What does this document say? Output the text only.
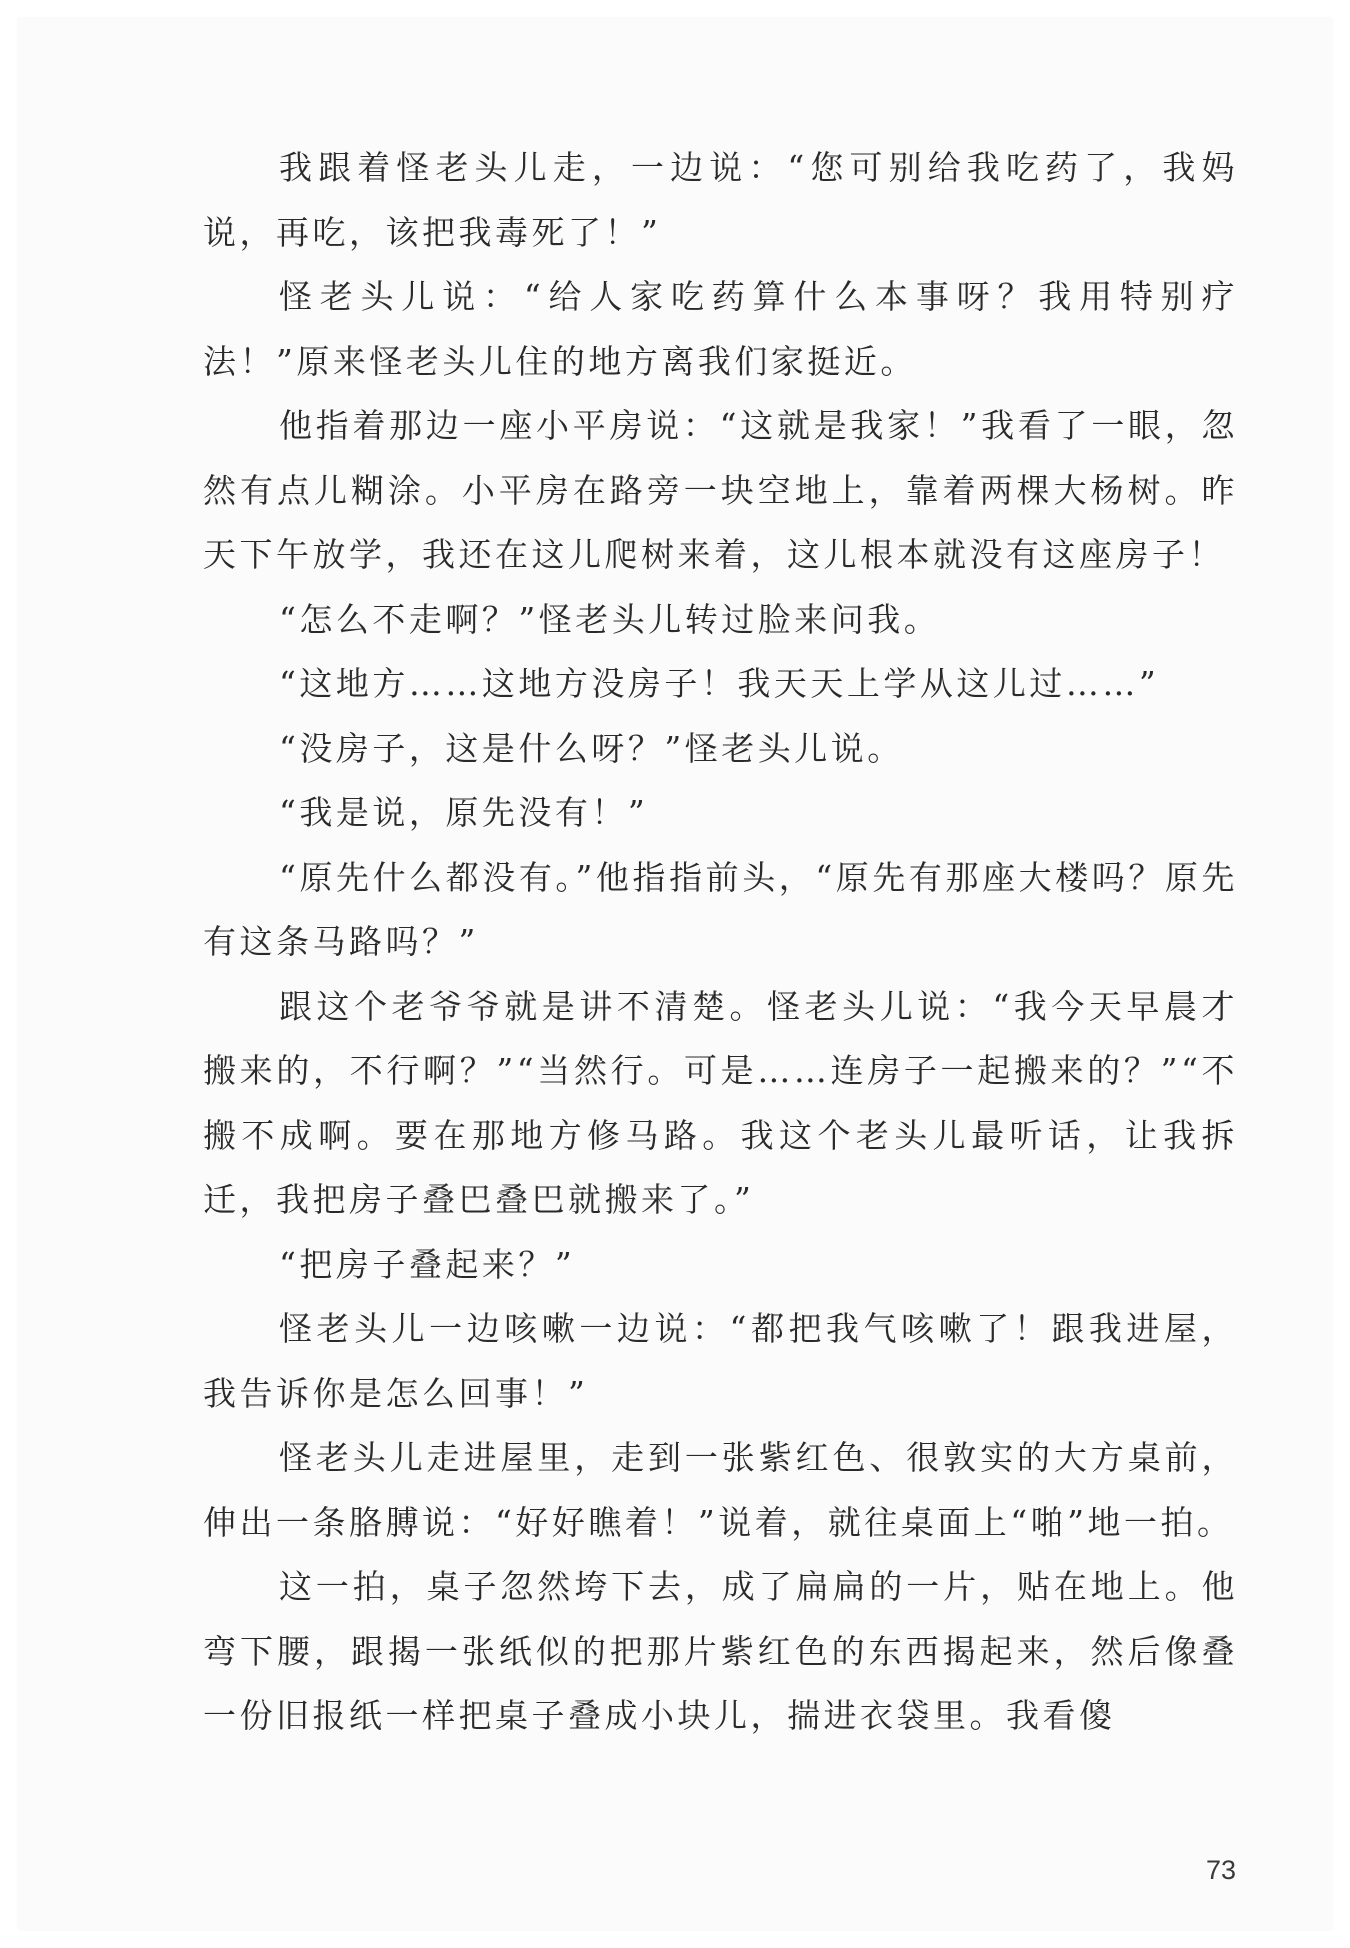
我跟着怪老头儿走，一边说：“您可别给我吃药了，我妈说，再吃，该把我毒死了！”

怪老头儿说：“给人家吃药算什么本事呀？我用特别疗法！”原来怪老头儿住的地方离我们家挺近。

他指着那边一座小平房说：“这就是我家！”我看了一眼，忽然有点儿糊涂。小平房在路旁一块空地上，靠着两棵大杨树。昨天下午放学，我还在这儿爬树来着，这儿根本就没有这座房子！

“怎么不走啊？”怪老头儿转过脸来问我。

“这地方……这地方没房子！我天天上学从这儿过……”

“没房子，这是什么呀？”怪老头儿说。

“我是说，原先没有！”

“原先什么都没有。”他指指前头，“原先有那座大楼吗？原先有这条马路吗？”

跟这个老爷爷就是讲不清楚。怪老头儿说：“我今天早晨才搬来的，不行啊？”“当然行。可是……连房子一起搬来的？”“不搬不成啊。要在那地方修马路。我这个老头儿最听话，让我拆迁，我把房子叠巴叠巴就搬来了。”

“把房子叠起来？”

怪老头儿一边咳嗽一边说：“都把我气咳嗽了！跟我进屋，我告诉你是怎么回事！”

怪老头儿走进屋里，走到一张紫红色、很敦实的大方桌前，伸出一条胳膊说：“好好瞧着！”说着，就往桌面上“啪”地一拍。

这一拍，桌子忽然垮下去，成了扁扁的一片，贴在地上。他弯下腰，跟揭一张纸似的把那片紫红色的东西揭起来，然后像叠一份旧报纸一样把桌子叠成小块儿，揣进衣袋里。我看傻

73
